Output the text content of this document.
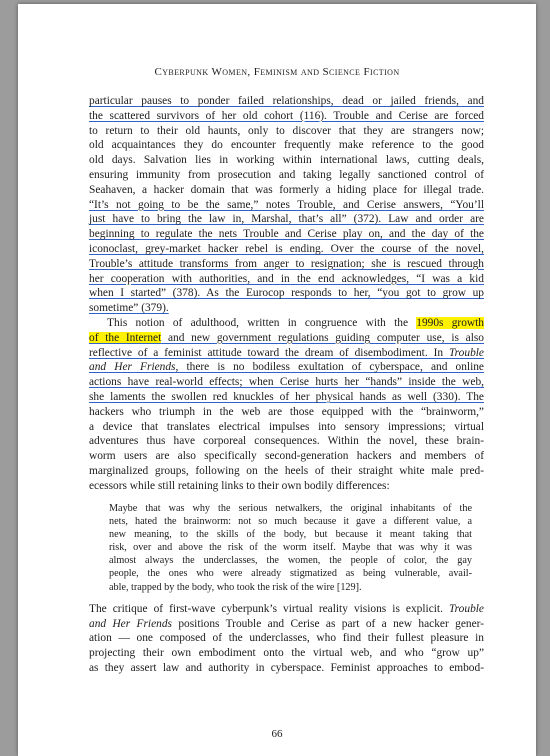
Cyberpunk Women, Feminism and Science Fiction
particular pauses to ponder failed relationships, dead or jailed friends, and
the scattered survivors of her old cohort (116). Trouble and Cerise are forced
to return to their old haunts, only to discover that they are strangers now;
old acquaintances they do encounter frequently make reference to the good
old days. Salvation lies in working within international laws, cutting deals,
ensuring immunity from prosecution and taking legally sanctioned control of
Seahaven, a hacker domain that was formerly a hiding place for illegal trade.
“It’s not going to be the same,” notes Trouble, and Cerise answers, “You’ll
just have to bring the law in, Marshal, that’s all” (372). Law and order are
beginning to regulate the nets Trouble and Cerise play on, and the day of the
iconoclast, grey-market hacker rebel is ending. Over the course of the novel,
Trouble’s attitude transforms from anger to resignation; she is rescued through
her cooperation with authorities, and in the end acknowledges, “I was a kid
when I started” (378). As the Eurocop responds to her, “you got to grow up
sometime” (379).
This notion of adulthood, written in congruence with the 1990s growth
of the Internet and new government regulations guiding computer use, is also
reflective of a feminist attitude toward the dream of disembodiment. In Trouble
and Her Friends, there is no bodiless exultation of cyberspace, and online
actions have real-world effects; when Cerise hurts her “hands” inside the web,
she laments the swollen red knuckles of her physical hands as well (330). The
hackers who triumph in the web are those equipped with the “brainworm,”
a device that translates electrical impulses into sensory impressions; virtual
adventures thus have corporeal consequences. Within the novel, these brain-
worm users are also specifically second-generation hackers and members of
marginalized groups, following on the heels of their straight white male pred-
ecessors while still retaining links to their own bodily differences:
Maybe that was why the serious netwalkers, the original inhabitants of the
nets, hated the brainworm: not so much because it gave a different value, a
new meaning, to the skills of the body, but because it meant taking that
risk, over and above the risk of the worm itself. Maybe that was why it was
almost always the underclasses, the women, the people of color, the gay
people, the ones who were already stigmatized as being vulnerable, avail-
able, trapped by the body, who took the risk of the wire [129].
The critique of first-wave cyberpunk’s virtual reality visions is explicit. Trouble
and Her Friends positions Trouble and Cerise as part of a new hacker gener-
ation — one composed of the underclasses, who find their fullest pleasure in
projecting their own embodiment onto the virtual web, and who “grow up”
as they assert law and authority in cyberspace. Feminist approaches to embod-
66
